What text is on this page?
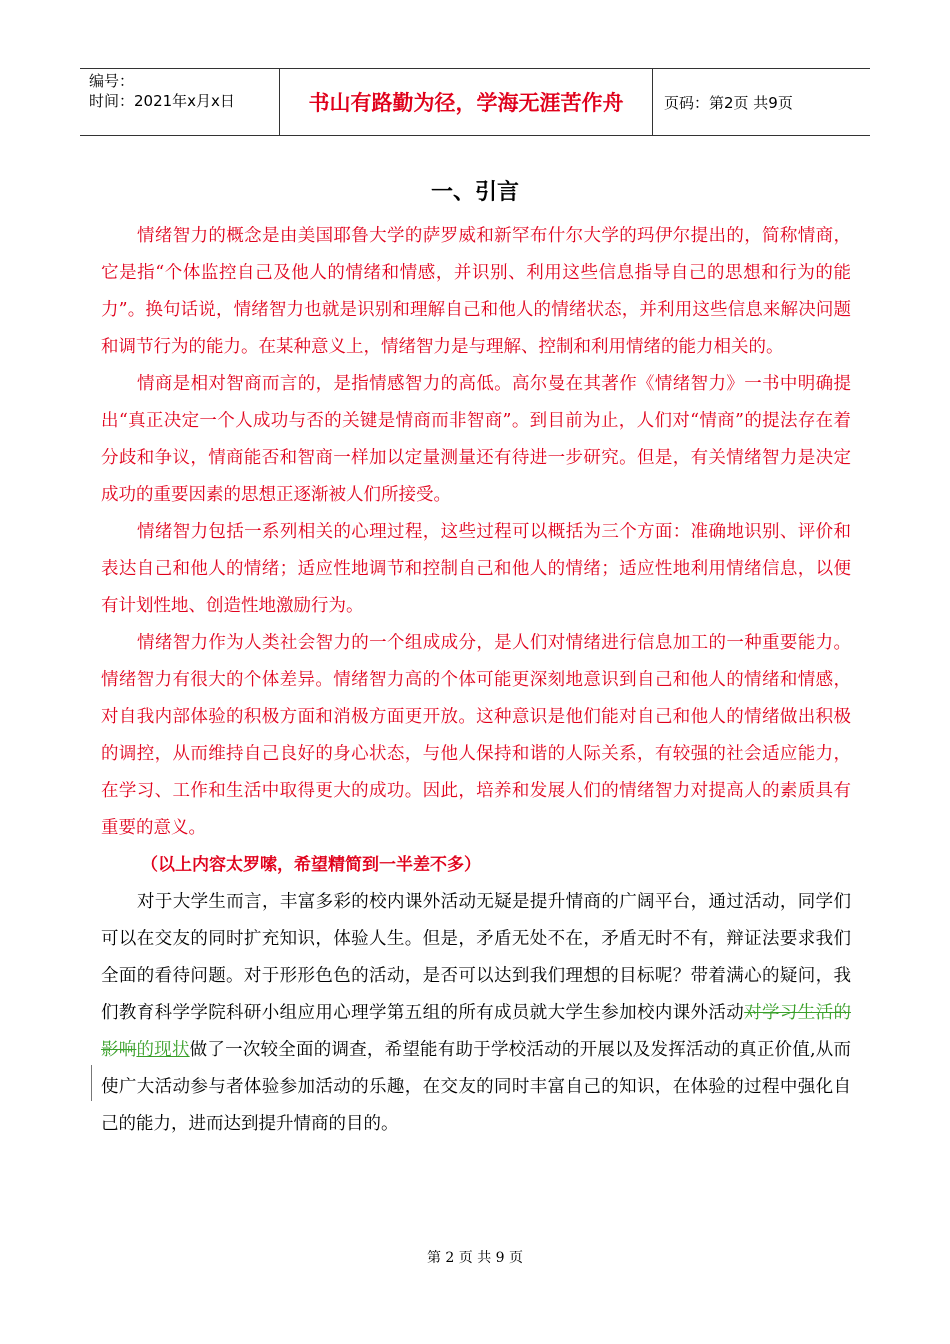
编号：
时间：2021年x月x日	书山有路勤为径，学海无涯苦作舟	页码：第2页 共9页
一、引言

情绪智力的概念是由美国耶鲁大学的萨罗威和新罕布什尔大学的玛伊尔提出的，简称情商，它是指“个体监控自己及他人的情绪和情感，并识别、利用这些信息指导自己的思想和行为的能力”。换句话说，情绪智力也就是识别和理解自己和他人的情绪状态，并利用这些信息来解决问题和调节行为的能力。在某种意义上，情绪智力是与理解、控制和利用情绪的能力相关的。

情商是相对智商而言的，是指情感智力的高低。高尔曼在其著作《情绪智力》一书中明确提出“真正决定一个人成功与否的关键是情商而非智商”。到目前为止，人们对“情商”的提法存在着分歧和争议，情商能否和智商一样加以定量测量还有待进一步研究。但是，有关情绪智力是决定成功的重要因素的思想正逐渐被人们所接受。

情绪智力包括一系列相关的心理过程，这些过程可以概括为三个方面：准确地识别、评价和表达自己和他人的情绪；适应性地调节和控制自己和他人的情绪；适应性地利用情绪信息，以便有计划性地、创造性地激励行为。

情绪智力作为人类社会智力的一个组成成分，是人们对情绪进行信息加工的一种重要能力。情绪智力有很大的个体差异。情绪智力高的个体可能更深刻地意识到自己和他人的情绪和情感，对自我内部体验的积极方面和消极方面更开放。这种意识是他们能对自己和他人的情绪做出积极的调控，从而维持自己良好的身心状态，与他人保持和谐的人际关系，有较强的社会适应能力，在学习、工作和生活中取得更大的成功。因此，培养和发展人们的情绪智力对提高人的素质具有重要的意义。

（以上内容太罗嗦，希望精简到一半差不多）

对于大学生而言，丰富多彩的校内课外活动无疑是提升情商的广阔平台，通过活动，同学们可以在交友的同时扩充知识，体验人生。但是，矛盾无处不在，矛盾无时不有，辩证法要求我们全面的看待问题。对于形形色色的活动，是否可以达到我们理想的目标呢？带着满心的疑问，我们教育科学学院科研小组应用心理学第五组的所有成员就大学生参加校内课外活动对学习生活的影响的现状做了一次较全面的调查，希望能有助于学校活动的开展以及发挥活动的真正价值,从而使广大活动参与者体验参加活动的乐趣，在交友的同时丰富自己的知识，在体验的过程中强化自己的能力，进而达到提升情商的目的。

第 2 页 共 9 页
